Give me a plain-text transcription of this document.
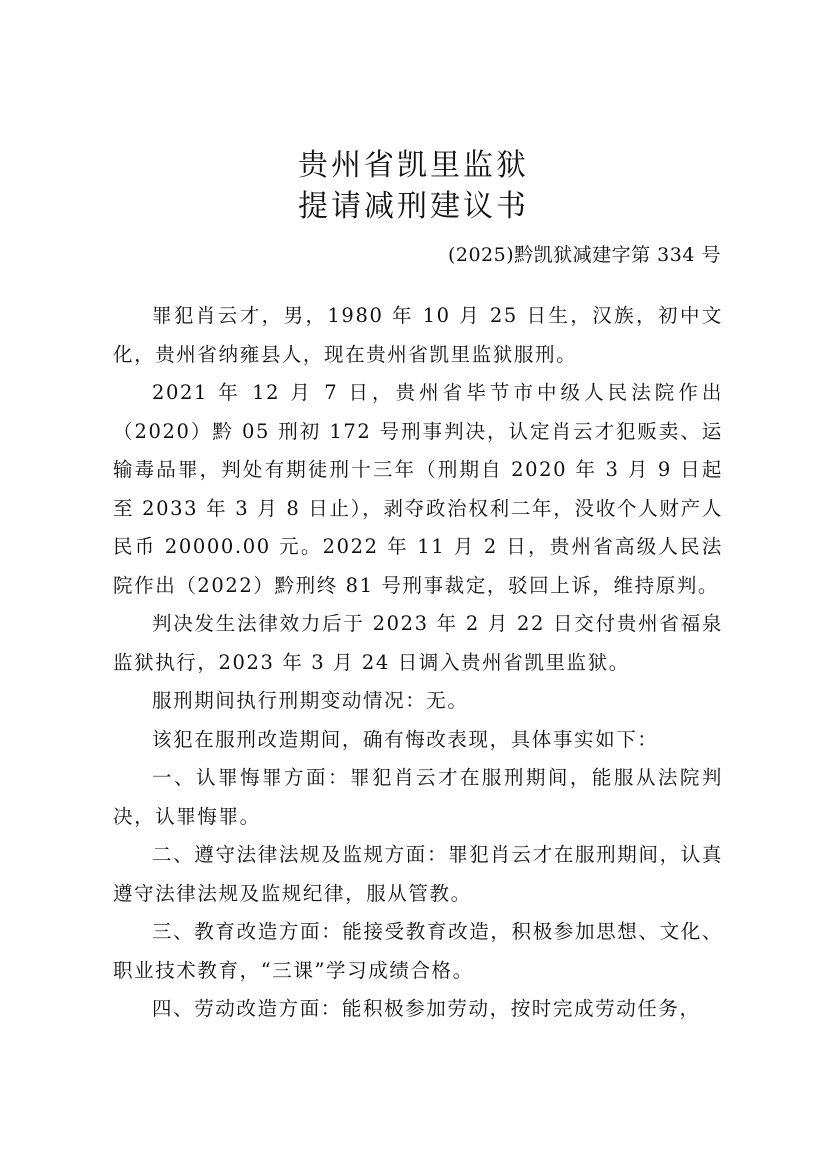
贵州省凯里监狱
提请减刑建议书
(2025)黔凯狱减建字第 334 号

罪犯肖云才，男，1980 年 10 月 25 日生，汉族，初中文化，贵州省纳雍县人，现在贵州省凯里监狱服刑。

2021 年 12 月 7 日，贵州省毕节市中级人民法院作出（2020）黔 05 刑初 172 号刑事判决，认定肖云才犯贩卖、运输毒品罪，判处有期徒刑十三年（刑期自 2020 年 3 月 9 日起至 2033 年 3 月 8 日止），剥夺政治权利二年，没收个人财产人民币 20000.00 元。2022 年 11 月 2 日，贵州省高级人民法院作出（2022）黔刑终 81 号刑事裁定，驳回上诉，维持原判。

判决发生法律效力后于 2023 年 2 月 22 日交付贵州省福泉监狱执行，2023 年 3 月 24 日调入贵州省凯里监狱。

服刑期间执行刑期变动情况：无。

该犯在服刑改造期间，确有悔改表现，具体事实如下：

一、认罪悔罪方面：罪犯肖云才在服刑期间，能服从法院判决，认罪悔罪。

二、遵守法律法规及监规方面：罪犯肖云才在服刑期间，认真遵守法律法规及监规纪律，服从管教。

三、教育改造方面：能接受教育改造，积极参加思想、文化、职业技术教育，“三课”学习成绩合格。

四、劳动改造方面：能积极参加劳动，按时完成劳动任务，
